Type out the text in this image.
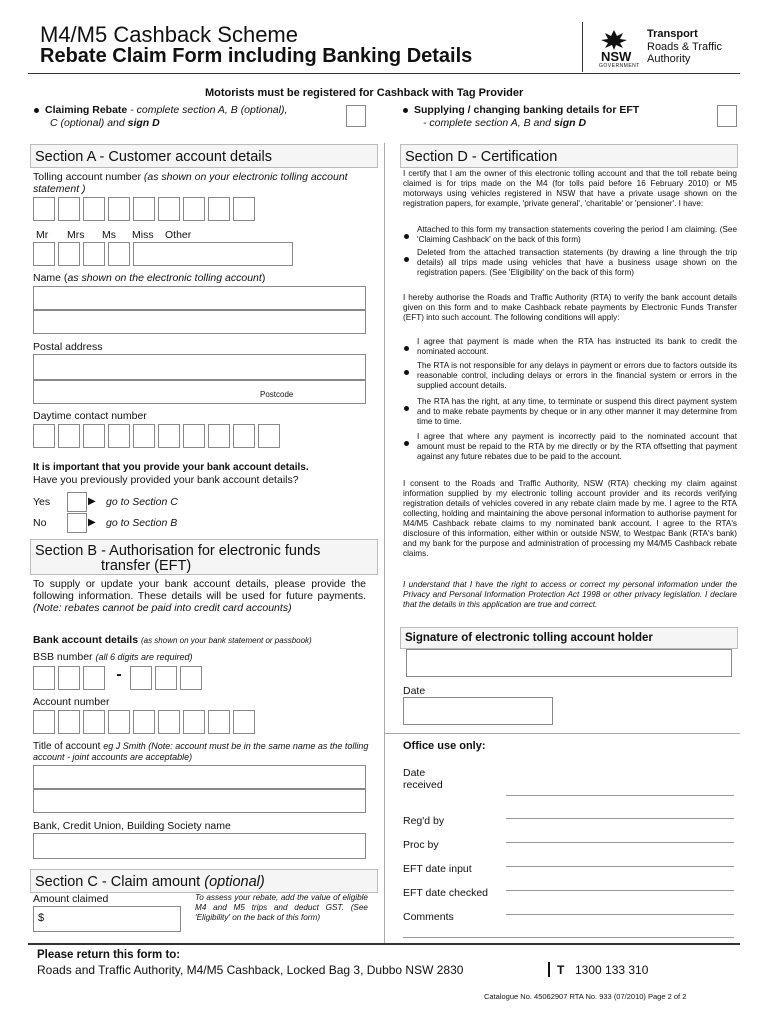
M4/M5 Cashback Scheme
Rebate Claim Form including Banking Details	NSW
GOVERNMENT
Transport
Roads & Traffic
Authority
Motorists must be registered for Cashback with Tag Provider
Claiming Rebate - complete section A, B (optional),
C (optional) and sign D
Supplying / changing banking details for EFT
- complete section A, B and sign D
Section A - Customer account details
Tolling account number (as shown on your electronic tolling account statement )
Mr Mrs Ms Miss Other
Name (as shown on the electronic tolling account)
Postal address
Postcode
Daytime contact number
It is important that you provide your bank account details.
Have you previously provided your bank account details?
Yes	▶ go to Section C
No	▶ go to Section B
Section B - Authorisation for electronic funds
transfer (EFT)
To supply or update your bank account details, please provide the following information. These details will be used for future payments. (Note: rebates cannot be paid into credit card accounts)
Bank account details (as shown on your bank statement or passbook)
BSB number (all 6 digits are required)
-
Account number
Title of account eg J Smith (Note: account must be in the same name as the tolling account - joint accounts are acceptable)
Bank, Credit Union, Building Society name
Section C - Claim amount (optional)
Amount claimed
$
To assess your rebate, add the value of eligible M4 and M5 trips and deduct GST. (See 'Eligibility' on the back of this form)
Section D - Certification
I certify that I am the owner of this electronic tolling account and that the toll rebate being claimed is for trips made on the M4 (for tolls paid before 16 February 2010) or M5 motorways using vehicles registered in NSW that have a private usage shown on the registration papers, for example, 'private general', 'charitable' or 'pensioner'. I have:
Attached to this form my transaction statements covering the period I am claiming. (See 'Claiming Cashback' on the back of this form)
Deleted from the attached transaction statements (by drawing a line through the trip details) all trips made using vehicles that have a business usage shown on the registration papers. (See 'Eligibility' on the back of this form)
I hereby authorise the Roads and Traffic Authority (RTA) to verify the bank account details given on this form and to make Cashback rebate payments by Electronic Funds Transfer (EFT) into such account. The following conditions will apply:
I agree that payment is made when the RTA has instructed its bank to credit the nominated account.
The RTA is not responsible for any delays in payment or errors due to factors outside its reasonable control, including delays or errors in the financial system or errors in the supplied account details.
The RTA has the right, at any time, to terminate or suspend this direct payment system and to make rebate payments by cheque or in any other manner it may determine from time to time.
I agree that where any payment is incorrectly paid to the nominated account that amount must be repaid to the RTA by me directly or by the RTA offsetting that payment against any future rebates due to be paid to the account.
I consent to the Roads and Traffic Authority, NSW (RTA) checking my claim against information supplied by my electronic tolling account provider and its records verifying registration details of vehicles covered in any rebate claim made by me. I agree to the RTA collecting, holding and maintaining the above personal information to authorise payment for M4/M5 Cashback rebate claims to my nominated bank account. I agree to the RTA's disclosure of this information, either within or outside NSW, to Westpac Bank (RTA's bank) and my bank for the purpose and administration of processing my M4/M5 Cashback rebate claims.
I understand that I have the right to access or correct my personal information under the Privacy and Personal Information Protection Act 1998 or other privacy legislation. I declare that the details in this application are true and correct.
Signature of electronic tolling account holder
Date
Office use only:
Date
received
Reg'd by
Proc by
EFT date input
EFT date checked
Comments
Please return this form to:
Roads and Traffic Authority, M4/M5 Cashback, Locked Bag 3, Dubbo NSW 2830	T 1300 133 310
Catalogue No. 45062907 RTA No. 933 (07/2010) Page 2 of 2
